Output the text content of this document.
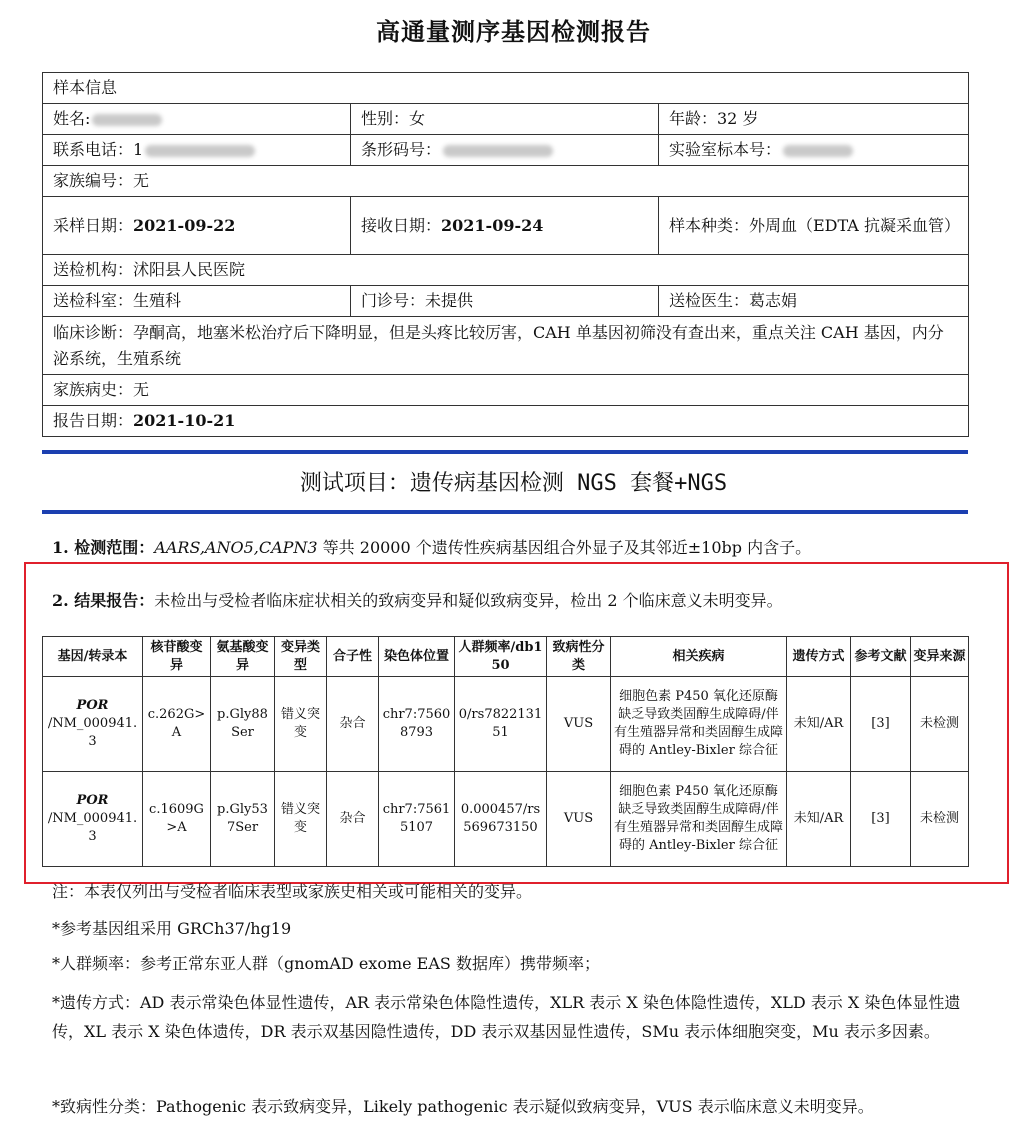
高通量测序基因检测报告
样本信息		
姓名:	性别：女	年龄：32 岁
联系电话：1	条形码号：	实验室标本号：
家族编号：无		
采样日期：2021-09-22	接收日期：2021-09-24	样本种类：外周血（EDTA 抗凝采血管）
送检机构：沭阳县人民医院		
送检科室：生殖科	门诊号：未提供	送检医生：葛志娟
临床诊断：孕酮高，地塞米松治疗后下降明显，但是头疼比较厉害，CAH 单基因初筛没有查出来，重点关注 CAH 基因，内分泌系统，生殖系统		
家族病史：无		
报告日期：2021-10-21		
测试项目：遗传病基因检测 NGS 套餐+NGS
1. 检测范围：AARS,ANO5,CAPN3 等共 20000 个遗传性疾病基因组合外显子及其邻近±10bp 内含子。
2. 结果报告：未检出与受检者临床症状相关的致病变异和疑似致病变异，检出 2 个临床意义未明变异。
基因/转录本	核苷酸变异	氨基酸变异	变异类型	合子性	染色体位置	人群频率/db150	致病性分类	相关疾病	遗传方式	参考文献	变异来源

POR
/NM_000941.3	c.262G>A	p.Gly88Ser	错义突变	杂合	chr7:75608793	0/rs782213151	VUS	细胞色素 P450 氧化还原酶缺乏导致类固醇生成障碍/伴有生殖器异常和类固醇生成障碍的 Antley-Bixler 综合征	未知/AR	[3]	未检测

POR
/NM_000941.3	c.1609G>A	p.Gly537Ser	错义突变	杂合	chr7:75615107	0.000457/rs569673150	VUS	细胞色素 P450 氧化还原酶缺乏导致类固醇生成障碍/伴有生殖器异常和类固醇生成障碍的 Antley-Bixler 综合征	未知/AR	[3]	未检测
注：本表仅列出与受检者临床表型或家族史相关或可能相关的变异。
*参考基因组采用 GRCh37/hg19
*人群频率：参考正常东亚人群（gnomAD exome EAS 数据库）携带频率；
*遗传方式：AD 表示常染色体显性遗传，AR 表示常染色体隐性遗传，XLR 表示 X 染色体隐性遗传，XLD 表示 X 染色体显性遗传，XL 表示 X 染色体遗传，DR 表示双基因隐性遗传，DD 表示双基因显性遗传，SMu 表示体细胞突变，Mu 表示多因素。
*致病性分类：Pathogenic 表示致病变异，Likely pathogenic 表示疑似致病变异，VUS 表示临床意义未明变异。
